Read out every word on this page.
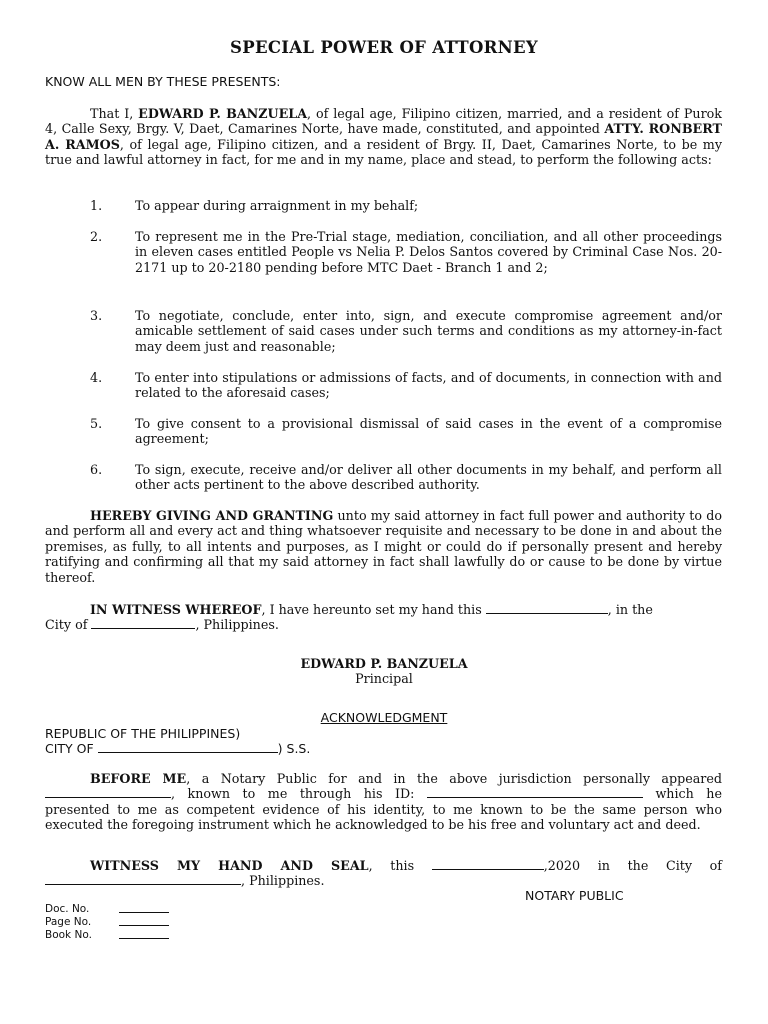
SPECIAL POWER OF ATTORNEY
KNOW ALL MEN BY THESE PRESENTS:

That I, EDWARD P. BANZUELA, of legal age, Filipino citizen, married, and a resident of Purok 4, Calle Sexy, Brgy. V, Daet, Camarines Norte, have made, constituted, and appointed ATTY. RONBERT A. RAMOS, of legal age, Filipino citizen, and a resident of Brgy. II, Daet, Camarines Norte, to be my true and lawful attorney in fact, for me and in my name, place and stead, to perform the following acts:

1.	To appear during arraignment in my behalf;
2.	To represent me in the Pre-Trial stage, mediation, conciliation, and all other proceedings in eleven cases entitled People vs Nelia P. Delos Santos covered by Criminal Case Nos. 20-2171 up to 20-2180 pending before MTC Daet - Branch 1 and 2;
3.	To negotiate, conclude, enter into, sign, and execute compromise agreement and/or amicable settlement of said cases under such terms and conditions as my attorney-in-fact may deem just and reasonable;
4.	To enter into stipulations or admissions of facts, and of documents, in connection with and related to the aforesaid cases;
5.	To give consent to a provisional dismissal of said cases in the event of a compromise agreement;
6.	To sign, execute, receive and/or deliver all other documents in my behalf, and perform all other acts pertinent to the above described authority.

HEREBY GIVING AND GRANTING unto my said attorney in fact full power and authority to do and perform all and every act and thing whatsoever requisite and necessary to be done in and about the premises, as fully, to all intents and purposes, as I might or could do if personally present and hereby ratifying and confirming all that my said attorney in fact shall lawfully do or cause to be done by virtue thereof.

IN WITNESS WHEREOF, I have hereunto set my hand this	, in the

City of	, Philippines.

EDWARD P. BANZUELA
Principal
ACKNOWLEDGMENT
REPUBLIC OF THE PHILIPPINES)
CITY OF	) S.S.

BEFORE ME, a Notary Public for and in the above jurisdiction personally appeared

, known to me through his ID:	which he

presented to me as competent evidence of his identity, to me known to be the same person who executed the foregoing instrument which he acknowledged to be his free and voluntary act and deed.

WITNESS MY HAND AND SEAL, this	,2020 in the City of

, Philippines.

NOTARY PUBLIC
Doc. No.
Page No.
Book No.
